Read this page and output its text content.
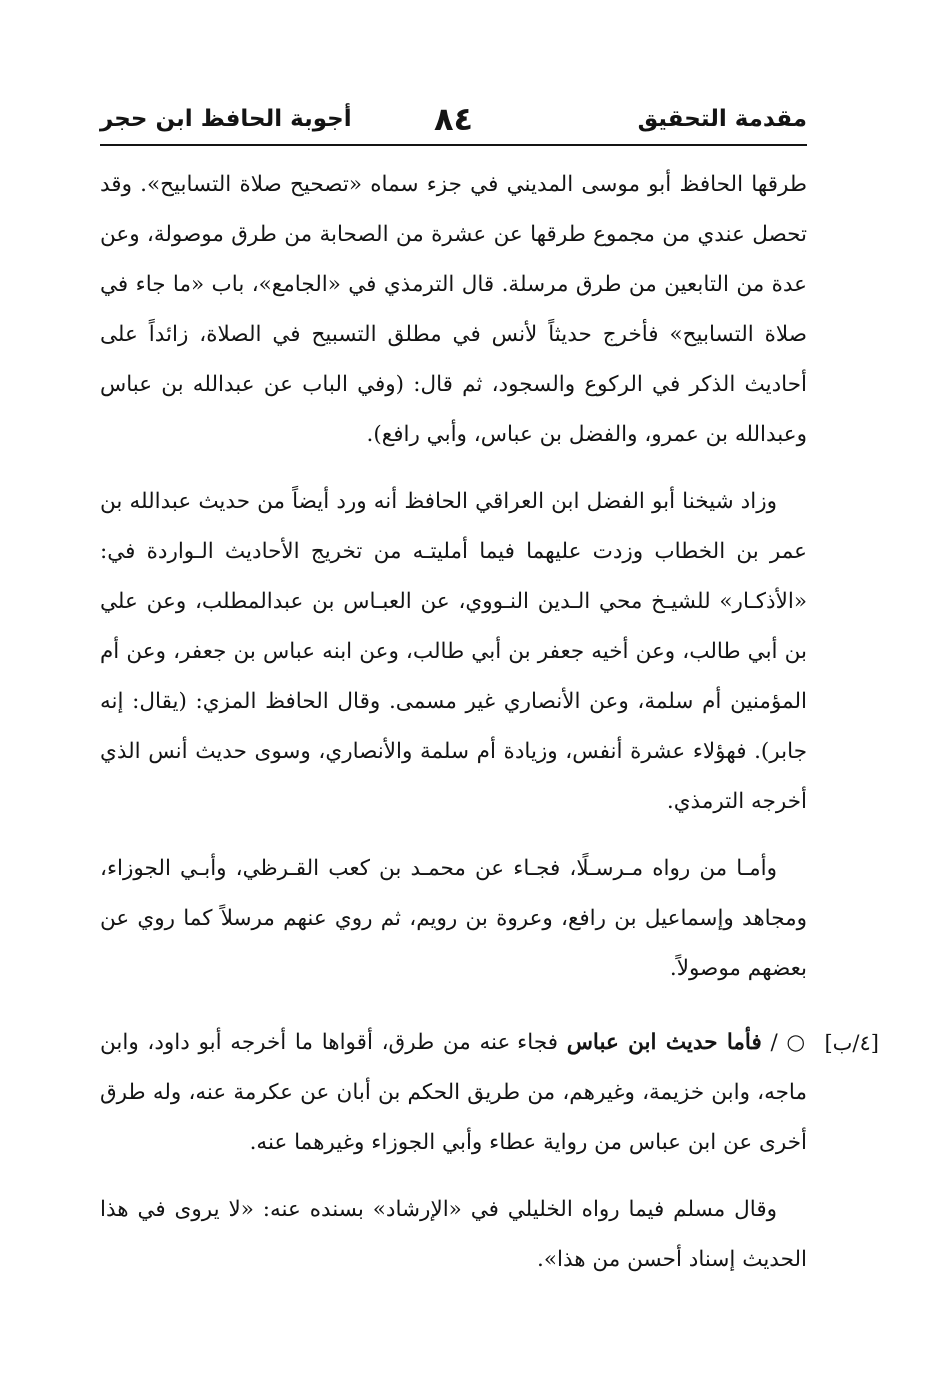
مقدمة التحقيق
٨٤
أجوبة الحافظ ابن حجر

طرقها الحافظ أبو موسى المديني في جزء سماه «تصحيح صلاة التسابيح». وقد تحصل عندي من مجموع طرقها عن عشرة من الصحابة من طرق موصولة، وعن عدة من التابعين من طرق مرسلة. قال الترمذي في «الجامع»، باب «ما جاء في صلاة التسابيح» فأخرج حديثاً لأنس في مطلق التسبيح في الصلاة، زائداً على أحاديث الذكر في الركوع والسجود، ثم قال: (وفي الباب عن عبدالله بن عباس وعبدالله بن عمرو، والفضل بن عباس، وأبي رافع).

وزاد شيخنا أبو الفضل ابن العراقي الحافظ أنه ورد أيضاً من حديث عبدالله بن عمر بن الخطاب وزدت عليهما فيما أمليتـه من تخريج الأحاديث الـواردة في: «الأذكـار» للشيـخ محي الـدين النـووي، عن العبـاس بن عبدالمطلب، وعن علي بن أبي طالب، وعن أخيه جعفر بن أبي طالب، وعن ابنه عباس بن جعفر، وعن أم المؤمنين أم سلمة، وعن الأنصاري غير مسمى. وقال الحافظ المزي: (يقال: إنه جابر). فهؤلاء عشرة أنفس، وزيادة أم سلمة والأنصاري، وسوى حديث أنس الذي أخرجه الترمذي.

وأمـا من رواه مـرسـلًا، فجـاء عن محمـد بن كعب القـرظي، وأبـي الجوزاء، ومجاهد وإسماعيل بن رافع، وعروة بن رويم، ثم روي عنهم مرسلاً كما روي عن بعضهم موصولاً.

[٤/ب]

○ / فأما حديث ابن عباس فجاء عنه من طرق، أقواها ما أخرجه أبو داود، وابن ماجه، وابن خزيمة، وغيرهم، من طريق الحكم بن أبان عن عكرمة عنه، وله طرق أخرى عن ابن عباس من رواية عطاء وأبي الجوزاء وغيرهما عنه.

وقال مسلم فيما رواه الخليلي في «الإرشاد» بسنده عنه: «لا يروى في هذا الحديث إسناد أحسن من هذا».
